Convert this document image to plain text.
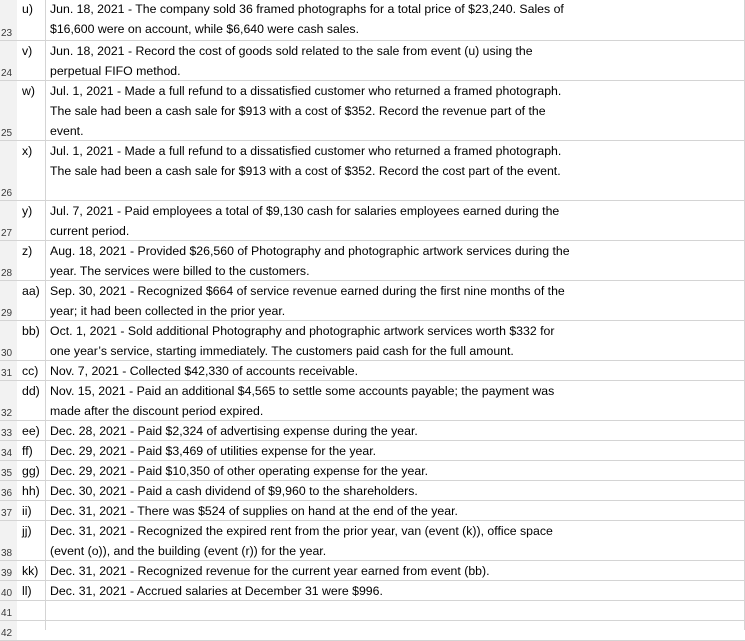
23
u) Jun. 18, 2021 - The company sold 36 framed photographs for a total price of $23,240. Sales of
$16,600 were on account, while $6,640 were cash sales.
24
v) Jun. 18, 2021 - Record the cost of goods sold related to the sale from event (u) using the
perpetual FIFO method.
25
w) Jul. 1, 2021 - Made a full refund to a dissatisfied customer who returned a framed photograph.
The sale had been a cash sale for $913 with a cost of $352. Record the revenue part of the
event.
26
x) Jul. 1, 2021 - Made a full refund to a dissatisfied customer who returned a framed photograph.
The sale had been a cash sale for $913 with a cost of $352. Record the cost part of the event.
27
y) Jul. 7, 2021 - Paid employees a total of $9,130 cash for salaries employees earned during the
current period.
28
z) Aug. 18, 2021 - Provided $26,560 of Photography and photographic artwork services during the
year. The services were billed to the customers.
29
aa) Sep. 30, 2021 - Recognized $664 of service revenue earned during the first nine months of the
year; it had been collected in the prior year.
30
bb) Oct. 1, 2021 - Sold additional Photography and photographic artwork services worth $332 for
one year’s service, starting immediately. The customers paid cash for the full amount.
31 cc) Nov. 7, 2021 - Collected $42,330 of accounts receivable.
32
dd) Nov. 15, 2021 - Paid an additional $4,565 to settle some accounts payable; the payment was
made after the discount period expired.
33 ee) Dec. 28, 2021 - Paid $2,324 of advertising expense during the year.
34 ff) Dec. 29, 2021 - Paid $3,469 of utilities expense for the year.
35 gg) Dec. 29, 2021 - Paid $10,350 of other operating expense for the year.
36 hh) Dec. 30, 2021 - Paid a cash dividend of $9,960 to the shareholders.
37 ii) Dec. 31, 2021 - There was $524 of supplies on hand at the end of the year.
38
jj) Dec. 31, 2021 - Recognized the expired rent from the prior year, van (event (k)), office space
(event (o)), and the building (event (r)) for the year.
39 kk) Dec. 31, 2021 - Recognized revenue for the current year earned from event (bb).
40 ll) Dec. 31, 2021 - Accrued salaries at December 31 were $996.
41
42
